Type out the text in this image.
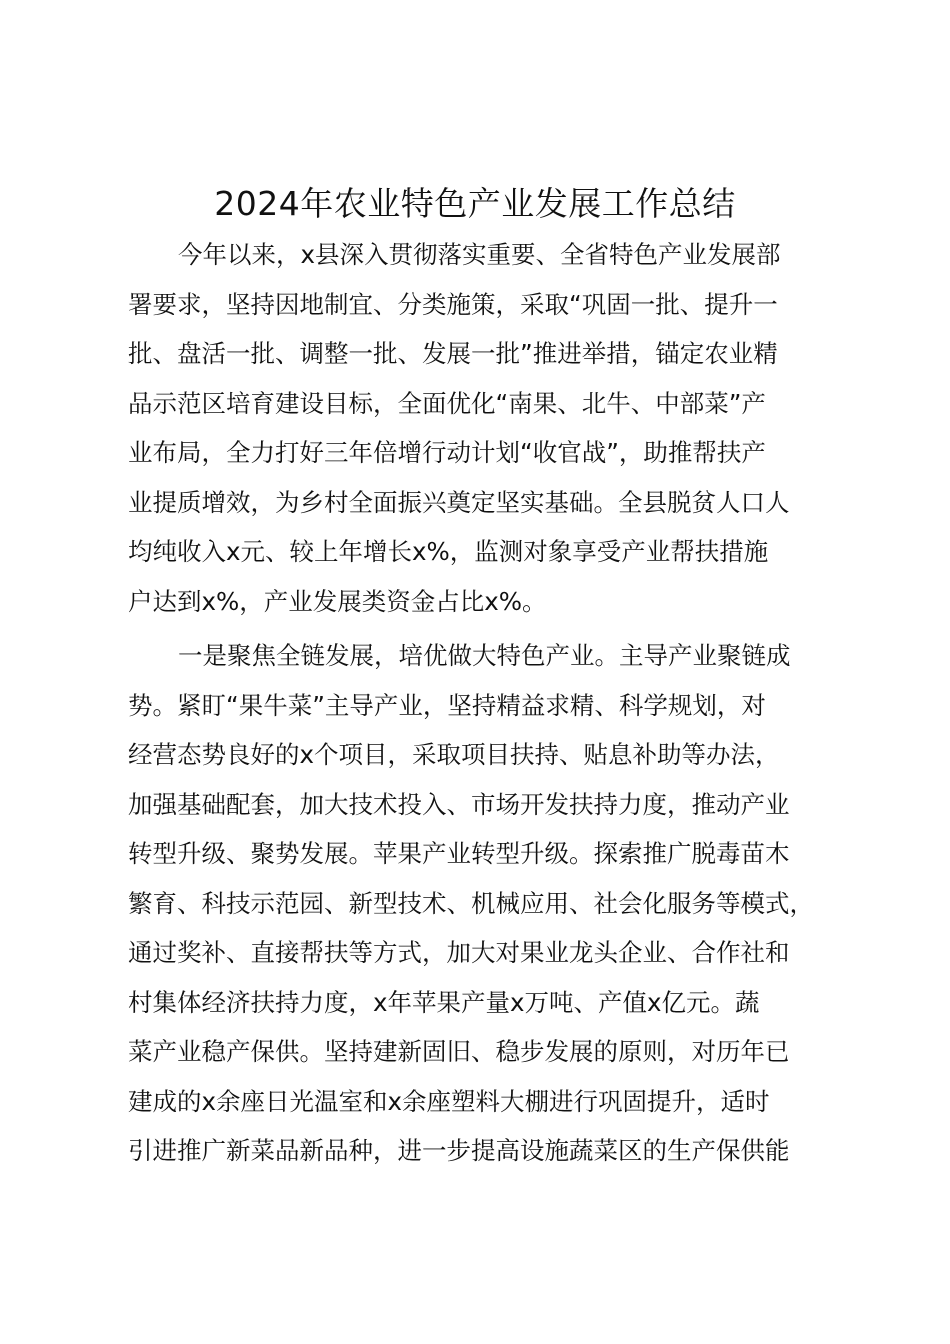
2024年农业特色产业发展工作总结
今年以来，x县深入贯彻落实重要、全省特色产业发展部
署要求，坚持因地制宜、分类施策，采取“巩固一批、提升一
批、盘活一批、调整一批、发展一批”推进举措，锚定农业精
品示范区培育建设目标，全面优化“南果、北牛、中部菜”产
业布局，全力打好三年倍增行动计划“收官战”，助推帮扶产
业提质增效，为乡村全面振兴奠定坚实基础。全县脱贫人口人
均纯收入x元、较上年增长x%，监测对象享受产业帮扶措施
户达到x%，产业发展类资金占比x%。
一是聚焦全链发展，培优做大特色产业。主导产业聚链成
势。紧盯“果牛菜”主导产业，坚持精益求精、科学规划，对
经营态势良好的x个项目，采取项目扶持、贴息补助等办法，
加强基础配套，加大技术投入、市场开发扶持力度，推动产业
转型升级、聚势发展。苹果产业转型升级。探索推广脱毒苗木
繁育、科技示范园、新型技术、机械应用、社会化服务等模式，
通过奖补、直接帮扶等方式，加大对果业龙头企业、合作社和
村集体经济扶持力度，x年苹果产量x万吨、产值x亿元。蔬
菜产业稳产保供。坚持建新固旧、稳步发展的原则，对历年已
建成的x余座日光温室和x余座塑料大棚进行巩固提升，适时
引进推广新菜品新品种，进一步提高设施蔬菜区的生产保供能
